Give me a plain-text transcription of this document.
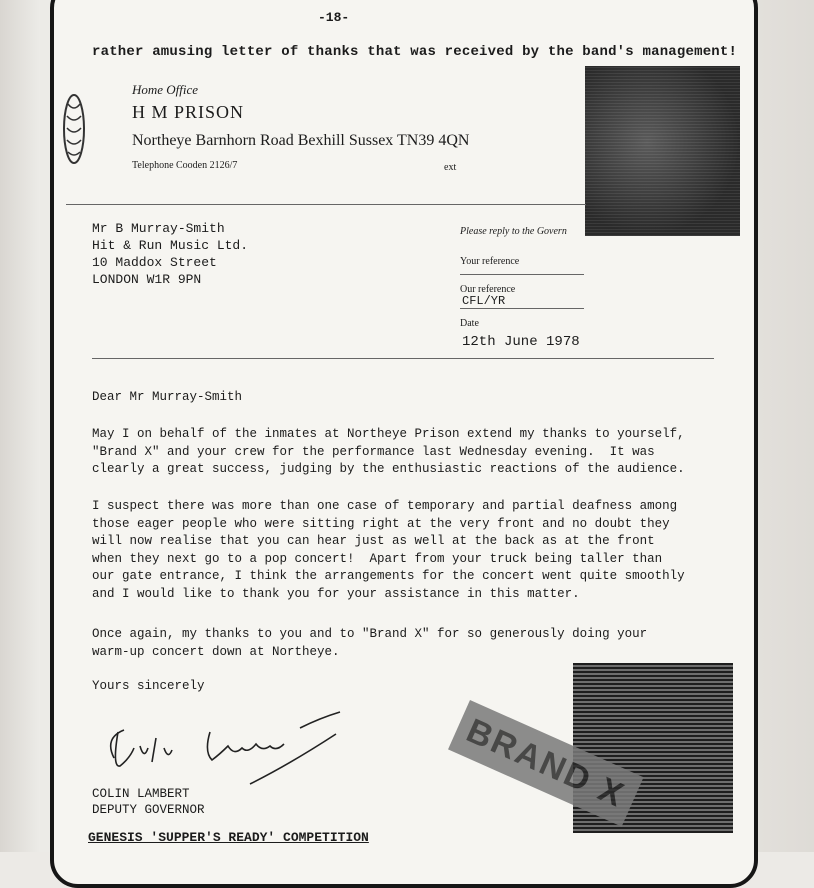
-18-
rather amusing letter of thanks that was received by the band's management!
Home Office
H M PRISON
Northeye Barnhorn Road Bexhill Sussex TN39 4QN
Telephone Cooden 2126/7	ext
Mr B Murray-Smith
Hit & Run Music Ltd.
10 Maddox Street
LONDON W1R 9PN
Please reply to the Govern
Your reference
Our reference
CFL/YR
Date
12th June 1978
Dear Mr Murray-Smith

May I on behalf of the inmates at Northeye Prison extend my thanks to yourself,

"Brand X" and your crew for the performance last Wednesday evening.  It was

clearly a great success, judging by the enthusiastic reactions of the audience.

I suspect there was more than one case of temporary and partial deafness among

those eager people who were sitting right at the very front and no doubt they

will now realise that you can hear just as well at the back as at the front

when they next go to a pop concert!  Apart from your truck being taller than

our gate entrance, I think the arrangements for the concert went quite smoothly

and I would like to thank you for your assistance in this matter.

Once again, my thanks to you and to "Brand X" for so generously doing your

warm-up concert down at Northeye.

Yours sincerely
COLIN LAMBERT
DEPUTY GOVERNOR	BRAND X
GENESIS 'SUPPER'S READY' COMPETITION
